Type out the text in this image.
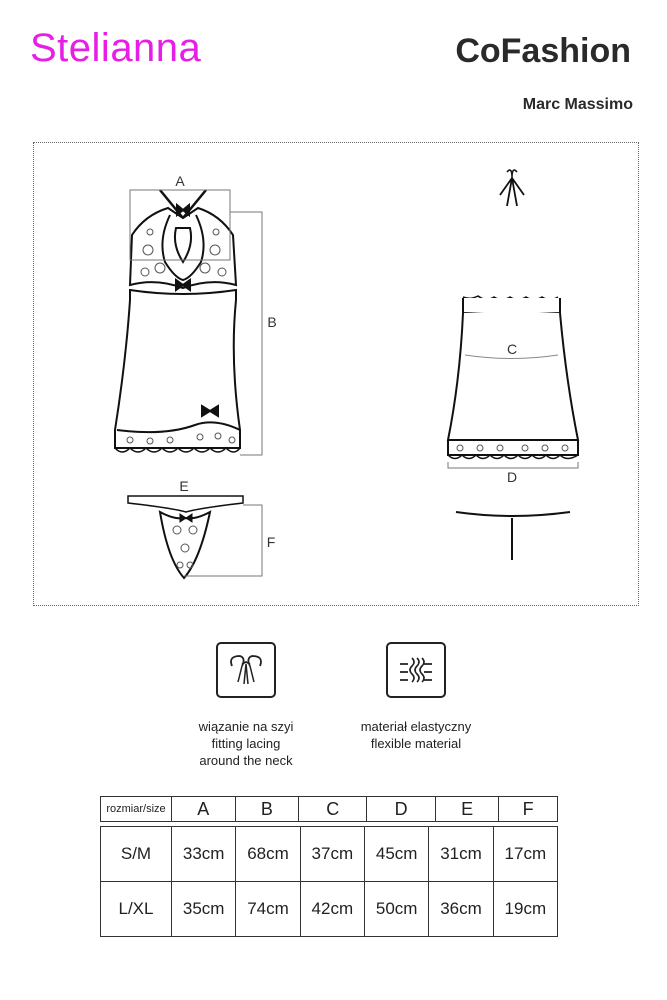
Stelianna	CoFashion
Marc Massimo
A
B
E
F
C
D
wiązanie na szyi
fitting lacing
around the neck
materiał elastyczny
flexible material
rozmiar/size	A	B	C	D	E	F
S/M	33cm	68cm	37cm	45cm	31cm	17cm
L/XL	35cm	74cm	42cm	50cm	36cm	19cm
